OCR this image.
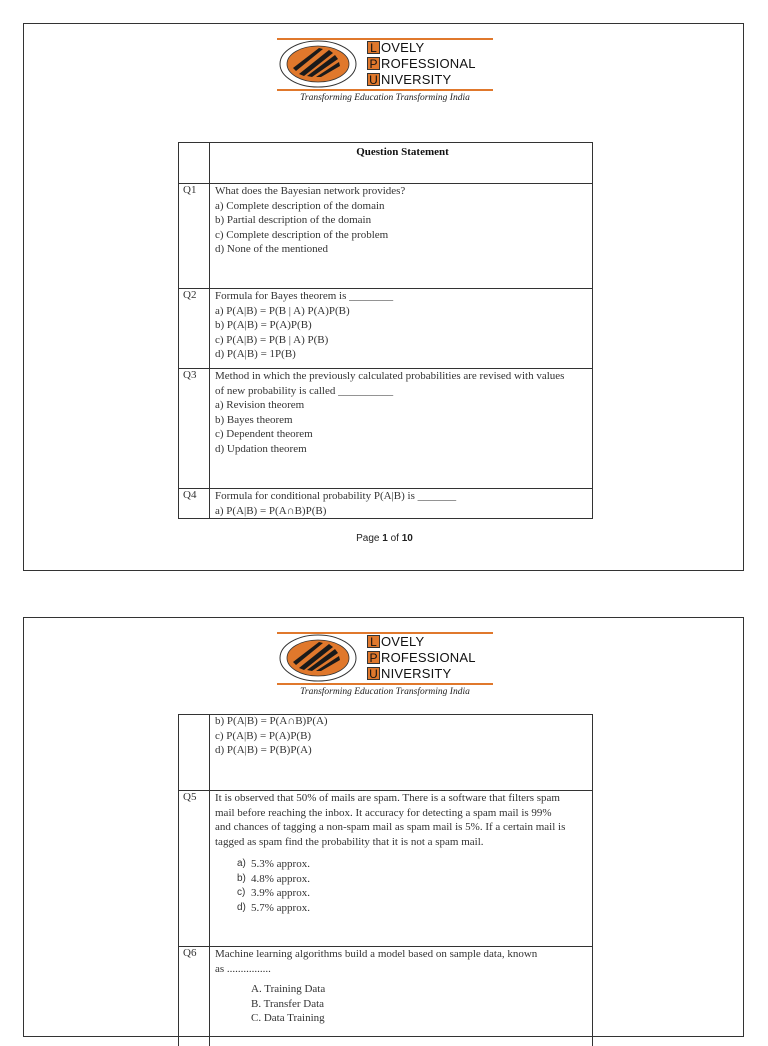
L OVELY
P ROFESSIONAL
U NIVERSITY
Transforming Education Transforming India
Question Statement
Q1 What does the Bayesian network provides?
a) Complete description of the domain
b) Partial description of the domain
c) Complete description of the problem
d) None of the mentioned
Q2 Formula for Bayes theorem is ________
a) P(A|B) = P(B | A) P(A)P(B)
b) P(A|B) = P(A)P(B)
c) P(A|B) = P(B | A) P(B)
d) P(A|B) = 1P(B)
Q3 Method in which the previously calculated probabilities are revised with values
of new probability is called __________
a) Revision theorem
b) Bayes theorem
c) Dependent theorem
d) Updation theorem
Q4 Formula for conditional probability P(A|B) is _______
a) P(A|B) = P(A∩B)P(B)
Page 1 of 10
L OVELY
P ROFESSIONAL
U NIVERSITY
Transforming Education Transforming India
b) P(A|B) = P(A∩B)P(A)
c) P(A|B) = P(A)P(B)
d) P(A|B) = P(B)P(A)
Q5 It is observed that 50% of mails are spam. There is a software that filters spam
mail before reaching the inbox. It accuracy for detecting a spam mail is 99%
and chances of tagging a non-spam mail as spam mail is 5%. If a certain mail is
tagged as spam find the probability that it is not a spam mail.
a) 5.3% approx.
b) 4.8% approx.
c) 3.9% approx.
d) 5.7% approx.
Q6 Machine learning algorithms build a model based on sample data, known
as ................
A. Training Data
B. Transfer Data
C. Data Training
